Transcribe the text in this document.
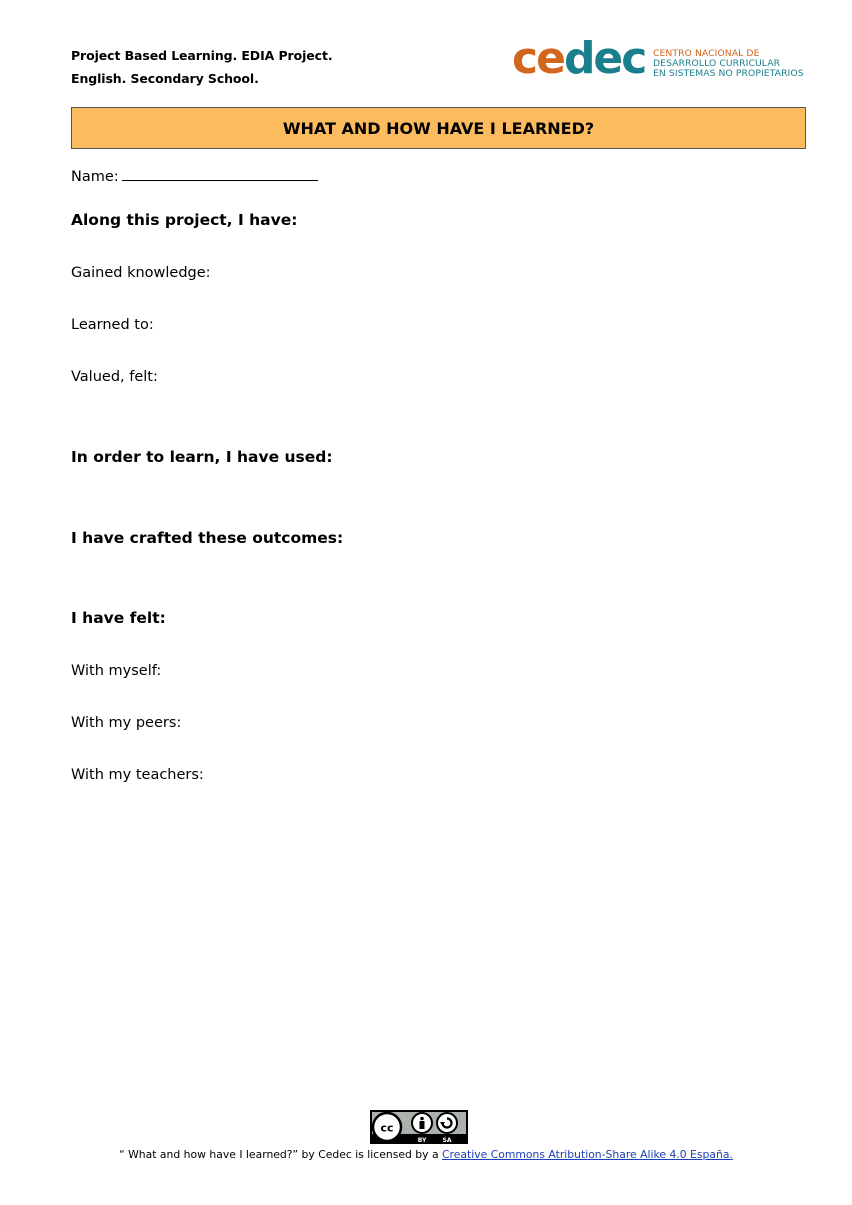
Project Based Learning. EDIA Project.
English. Secondary School.	cedec CENTRO NACIONAL DE
DESARROLLO CURRICULAR
EN SISTEMAS NO PROPIETARIOS
WHAT AND HOW HAVE I LEARNED?
Name:
Along this project, I have:
Gained knowledge:
Learned to:
Valued, felt:
In order to learn, I have used:
I have crafted these outcomes:
I have felt:
With myself:
With my peers:
With my teachers:
cc
BY	SA
“ What and how have I learned?” by Cedec is licensed by a Creative Commons Atribution-Share Alike 4.0 España.
